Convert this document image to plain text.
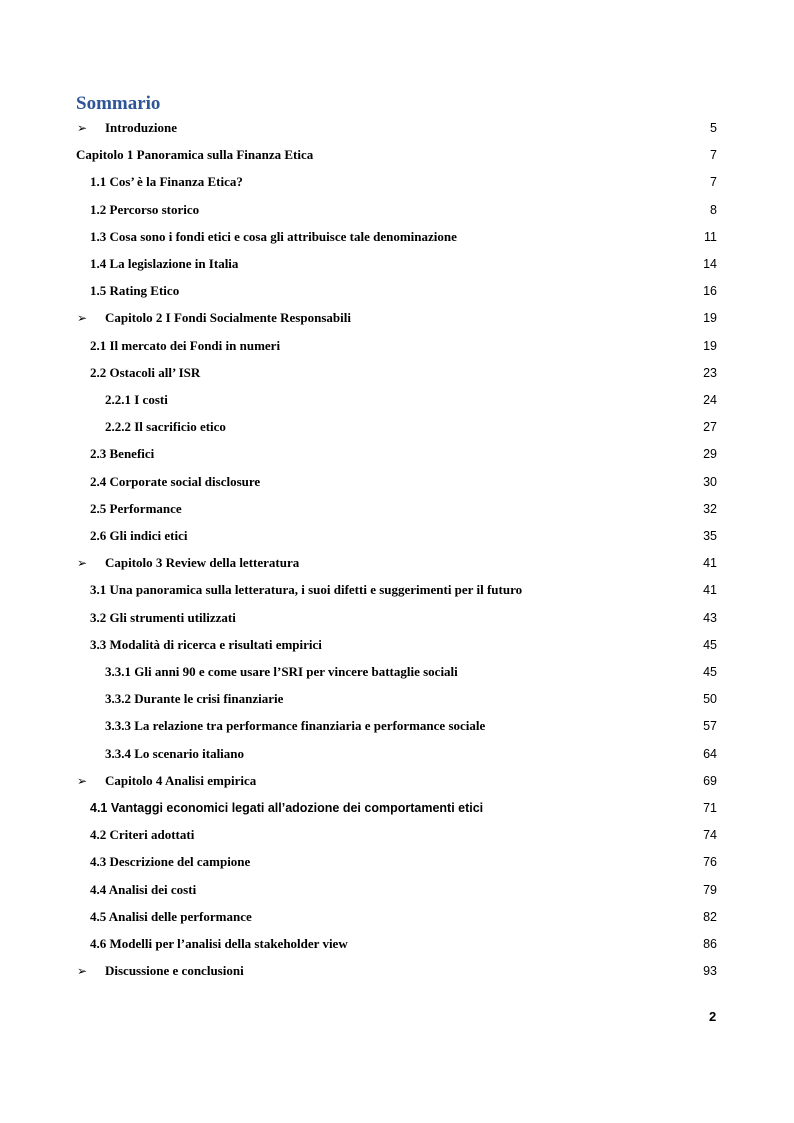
Sommario
➢ Introduzione	5
Capitolo 1 Panoramica sulla Finanza Etica	7
1.1 Cos’ è la Finanza Etica?	7
1.2 Percorso storico	8
1.3 Cosa sono i fondi etici e cosa gli attribuisce tale denominazione	11
1.4 La legislazione in Italia	14
1.5 Rating Etico	16
➢ Capitolo 2 I Fondi Socialmente Responsabili	19
2.1 Il mercato dei Fondi in numeri	19
2.2 Ostacoli all’ ISR	23
2.2.1 I costi	24
2.2.2 Il sacrificio etico	27
2.3 Benefici	29
2.4 Corporate social disclosure	30
2.5 Performance	32
2.6 Gli indici etici	35
➢ Capitolo 3 Review della letteratura	41
3.1 Una panoramica sulla letteratura, i suoi difetti e suggerimenti per il futuro	41
3.2 Gli strumenti utilizzati	43
3.3 Modalità di ricerca e risultati empirici	45
3.3.1 Gli anni 90 e come usare l’SRI per vincere battaglie sociali	45
3.3.2 Durante le crisi finanziarie	50
3.3.3 La relazione tra performance finanziaria e performance sociale	57
3.3.4 Lo scenario italiano	64
➢ Capitolo 4 Analisi empirica	69
4.1 Vantaggi economici legati all’adozione dei comportamenti etici	71
4.2 Criteri adottati	74
4.3 Descrizione del campione	76
4.4 Analisi dei costi	79
4.5 Analisi delle performance	82
4.6 Modelli per l’analisi della stakeholder view	86
➢ Discussione e conclusioni	93
2
